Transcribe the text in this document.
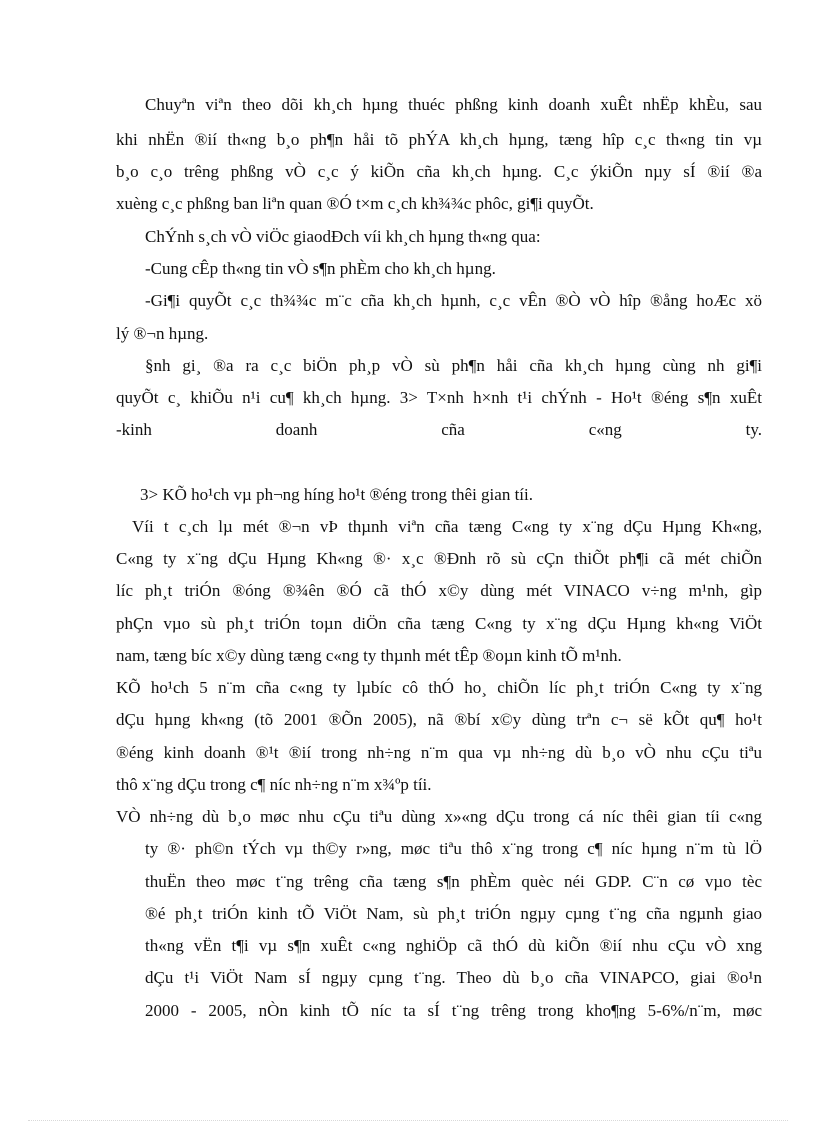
Chuyªn viªn theo dõi kh¸ch hµng thuéc phßng kinh doanh xuÊt nhËp khÈu, sau
khi nhËn ®ií th«ng b¸o ph¶n håi tõ phÝA kh¸ch hµng, tæng hîp c¸c th«ng tin vµ
b¸o c¸o trêng phßng vÒ c¸c ý kiÕn cña kh¸ch hµng. C¸c ýkiÕn nµy sÍ ®ií ®a
xuèng c¸c phßng ban liªn quan ®Ó t×m c¸ch kh¾¾c phôc, gi¶i quyÕt.
ChÝnh s¸ch vÒ viÖc giaodÐch víi kh¸ch hµng th«ng qua:
-Cung cÊp th«ng tin vÒ s¶n phÈm cho kh¸ch hµng.
-Gi¶i quyÕt c¸c th¾¾c m¨c cña kh¸ch hµnh, c¸c vÊn ®Ò vÒ hîp ®ång hoÆc xö
lý ®¬n hµng.
§nh gi¸ ®a ra c¸c biÖn ph¸p vÒ sù ph¶n håi cña kh¸ch hµng cùng nh gi¶i
quyÕt c¸ khiÕu n¹i cu¶ kh¸ch hµng. 3> T×nh h×nh t¹i chÝnh - Ho¹t ®éng s¶n xuÊt
-kinh doanh cña c«ng ty.
3> KÕ ho¹ch vµ ph¬ng híng ho¹t ®éng trong thêi gian tíi.
Víi t c¸ch lµ mét ®¬n vÞ thµnh viªn cña tæng C«ng ty x¨ng dÇu Hµng Kh«ng,
C«ng ty x¨ng dÇu Hµng Kh«ng ®· x¸c ®Ðnh rõ sù cÇn thiÕt ph¶i cã mét chiÕn
líc ph¸t triÓn ®óng ®¾ên ®Ó cã thÓ x©y dùng mét VINACO v÷ng m¹nh, gìp
phÇn vµo sù ph¸t triÓn toµn diÖn cña tæng C«ng ty x¨ng dÇu Hµng kh«ng ViÖt
nam, tæng bíc x©y dùng tæng c«ng ty thµnh mét tÊp ®oµn kinh tÕ m¹nh.
KÕ ho¹ch 5 n¨m cña c«ng ty lµbíc cô thÓ ho¸ chiÕn líc ph¸t triÓn C«ng ty x¨ng
dÇu hµng kh«ng (tõ 2001 ®Õn 2005), nã ®bí x©y dùng trªn c¬ së kÕt qu¶ ho¹t
®éng kinh doanh ®¹t ®ií trong nh÷ng n¨m qua vµ nh÷ng dù b¸o vÒ nhu cÇu tiªu
thô x¨ng dÇu trong c¶ níc nh÷ng n¨m x¾ºp tíi.
VÒ nh÷ng dù b¸o møc nhu cÇu tiªu dùng x»«ng dÇu trong cá níc thêi gian tíi c«ng
ty ®· ph©n tÝch vµ th©y r»ng, møc tiªu thô x¨ng trong c¶ níc hµng n¨m tù lÖ
thuËn theo møc t¨ng trêng cña tæng s¶n phÈm quèc néi GDP. C¨n cø vµo tèc
®é ph¸t triÓn kinh tÕ ViÖt Nam, sù ph¸t triÓn ngµy cµng t¨ng cña ngµnh giao
th«ng vËn t¶i vµ s¶n xuÊt c«ng nghiÖp cã thÓ dù kiÕn ®ií nhu cÇu vÒ xng
dÇu t¹i ViÖt Nam sÍ ngµy cµng t¨ng. Theo dù b¸o cña VINAPCO, giai ®o¹n
2000 - 2005, nÒn kinh tÕ níc ta sÍ t¨ng trêng trong kho¶ng 5-6%/n¨m, møc
